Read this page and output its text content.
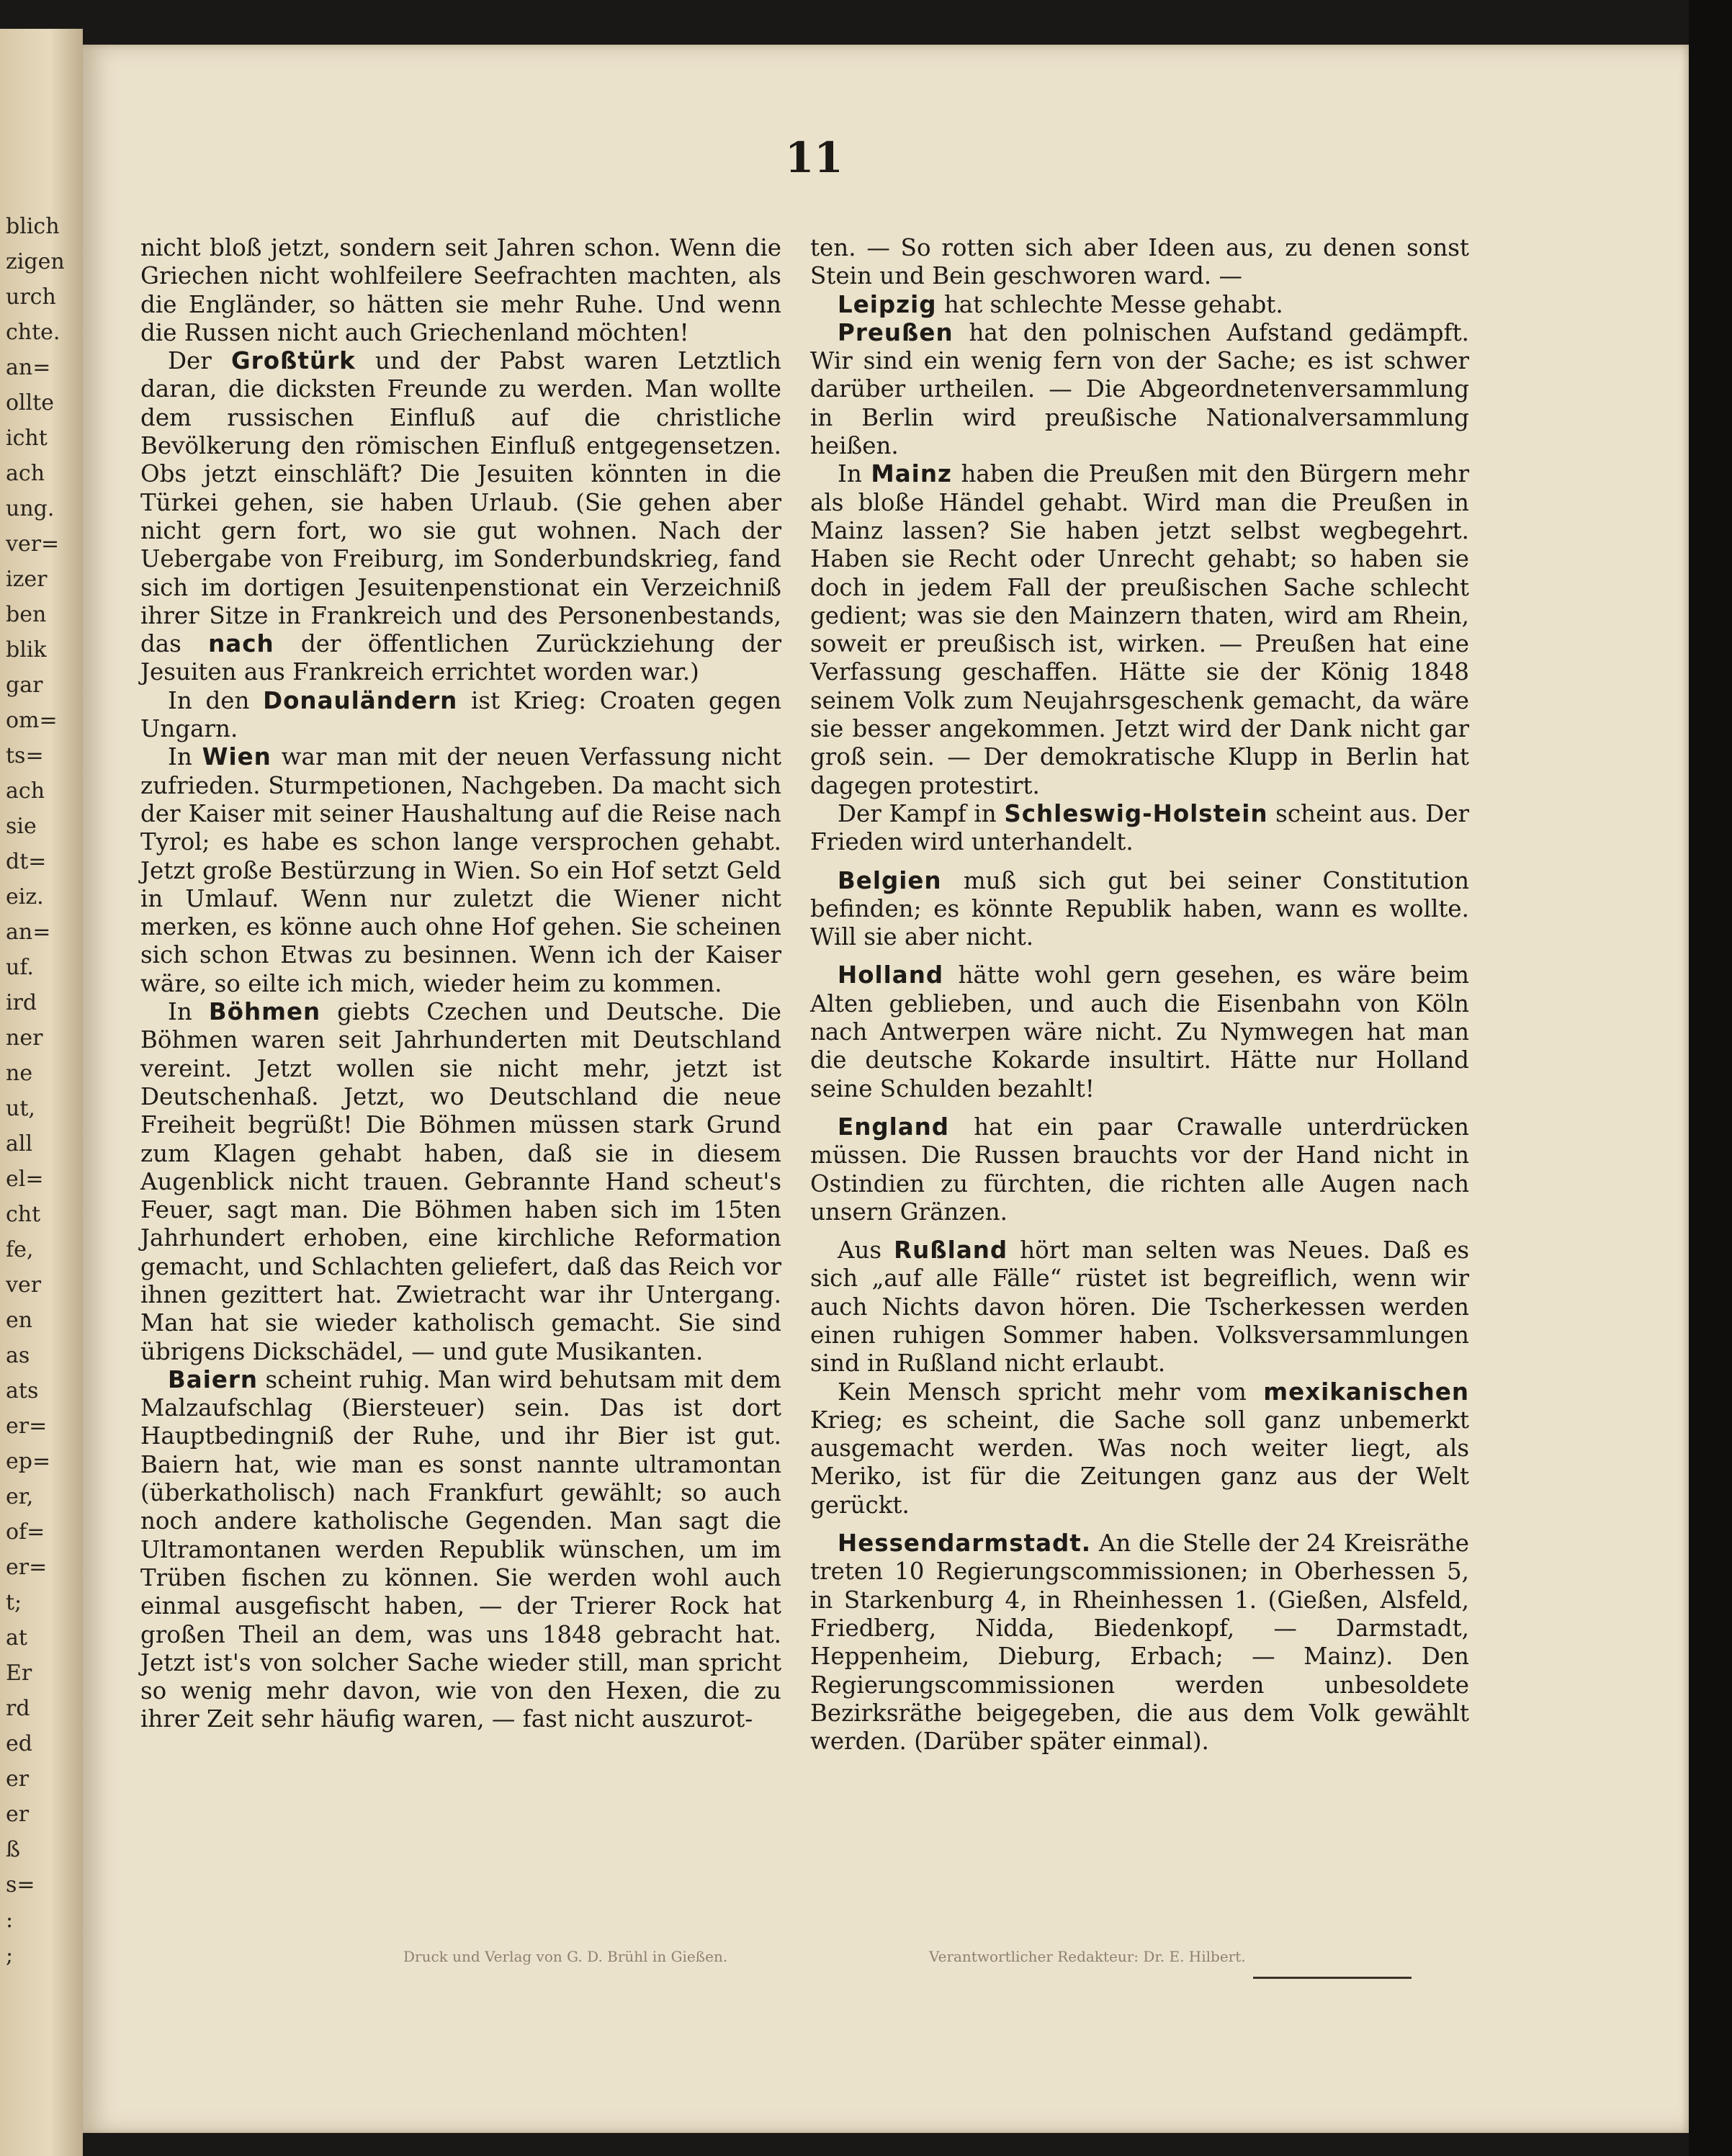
blich
zigen
urch
chte.
an=
ollte
icht
ach
ung.
ver=
izer
ben
blik
gar
om=
ts=
ach
sie
dt=
eiz.
an=
uf.
ird
ner
ne
ut,
all
el=
cht
fe,
ver
en
as
ats
er=
ep=
er,
of=
er=
t;
at
Er
rd
ed
er
er
ß
s=
:
;
11

nicht bloß jetzt, sondern seit Jahren schon. Wenn die Griechen nicht wohlfeilere Seefrachten machten, als die Engländer, so hätten sie mehr Ruhe. Und wenn die Russen nicht auch Griechenland möchten!

Der Großtürk und der Pabst waren Letztlich daran, die dicksten Freunde zu werden. Man wollte dem russischen Einfluß auf die christliche Bevölkerung den römischen Einfluß entgegensetzen. Obs jetzt einschläft? Die Jesuiten könnten in die Türkei gehen, sie haben Urlaub. (Sie gehen aber nicht gern fort, wo sie gut wohnen. Nach der Uebergabe von Freiburg, im Sonderbundskrieg, fand sich im dortigen Jesuitenpenstionat ein Verzeichniß ihrer Sitze in Frankreich und des Personenbestands, das nach der öffentlichen Zurückziehung der Jesuiten aus Frankreich errichtet worden war.)

In den Donauländern ist Krieg: Croaten gegen Ungarn.

In Wien war man mit der neuen Verfassung nicht zufrieden. Sturmpetionen, Nachgeben. Da macht sich der Kaiser mit seiner Haushaltung auf die Reise nach Tyrol; es habe es schon lange versprochen gehabt. Jetzt große Bestürzung in Wien. So ein Hof setzt Geld in Umlauf. Wenn nur zuletzt die Wiener nicht merken, es könne auch ohne Hof gehen. Sie scheinen sich schon Etwas zu besinnen. Wenn ich der Kaiser wäre, so eilte ich mich, wieder heim zu kommen.

In Böhmen giebts Czechen und Deutsche. Die Böhmen waren seit Jahrhunderten mit Deutschland vereint. Jetzt wollen sie nicht mehr, jetzt ist Deutschenhaß. Jetzt, wo Deutschland die neue Freiheit begrüßt! Die Böhmen müssen stark Grund zum Klagen gehabt haben, daß sie in diesem Augenblick nicht trauen. Gebrannte Hand scheut's Feuer, sagt man. Die Böhmen haben sich im 15ten Jahrhundert erhoben, eine kirchliche Reformation gemacht, und Schlachten geliefert, daß das Reich vor ihnen gezittert hat. Zwietracht war ihr Untergang. Man hat sie wieder katholisch gemacht. Sie sind übrigens Dickschädel, — und gute Musikanten.

Baiern scheint ruhig. Man wird behutsam mit dem Malzaufschlag (Biersteuer) sein. Das ist dort Hauptbedingniß der Ruhe, und ihr Bier ist gut. Baiern hat, wie man es sonst nannte ultramontan (überkatholisch) nach Frankfurt gewählt; so auch noch andere katholische Gegenden. Man sagt die Ultramontanen werden Republik wünschen, um im Trüben fischen zu können. Sie werden wohl auch einmal ausgefischt haben, — der Trierer Rock hat großen Theil an dem, was uns 1848 gebracht hat. Jetzt ist's von solcher Sache wieder still, man spricht so wenig mehr davon, wie von den Hexen, die zu ihrer Zeit sehr häufig waren, — fast nicht auszurot-

ten. — So rotten sich aber Ideen aus, zu denen sonst Stein und Bein geschworen ward. —

Leipzig hat schlechte Messe gehabt.

Preußen hat den polnischen Aufstand gedämpft. Wir sind ein wenig fern von der Sache; es ist schwer darüber urtheilen. — Die Abgeordnetenversammlung in Berlin wird preußische Nationalversammlung heißen.

In Mainz haben die Preußen mit den Bürgern mehr als bloße Händel gehabt. Wird man die Preußen in Mainz lassen? Sie haben jetzt selbst wegbegehrt. Haben sie Recht oder Unrecht gehabt; so haben sie doch in jedem Fall der preußischen Sache schlecht gedient; was sie den Mainzern thaten, wird am Rhein, soweit er preußisch ist, wirken. — Preußen hat eine Verfassung geschaffen. Hätte sie der König 1848 seinem Volk zum Neujahrsgeschenk gemacht, da wäre sie besser angekommen. Jetzt wird der Dank nicht gar groß sein. — Der demokratische Klupp in Berlin hat dagegen protestirt.

Der Kampf in Schleswig-Holstein scheint aus. Der Frieden wird unterhandelt.

Belgien muß sich gut bei seiner Constitution befinden; es könnte Republik haben, wann es wollte. Will sie aber nicht.

Holland hätte wohl gern gesehen, es wäre beim Alten geblieben, und auch die Eisenbahn von Köln nach Antwerpen wäre nicht. Zu Nymwegen hat man die deutsche Kokarde insultirt. Hätte nur Holland seine Schulden bezahlt!

England hat ein paar Crawalle unterdrücken müssen. Die Russen brauchts vor der Hand nicht in Ostindien zu fürchten, die richten alle Augen nach unsern Gränzen.

Aus Rußland hört man selten was Neues. Daß es sich „auf alle Fälle“ rüstet ist begreiflich, wenn wir auch Nichts davon hören. Die Tscherkessen werden einen ruhigen Sommer haben. Volksversammlungen sind in Rußland nicht erlaubt.

Kein Mensch spricht mehr vom mexikanischen Krieg; es scheint, die Sache soll ganz unbemerkt ausgemacht werden. Was noch weiter liegt, als Meriko, ist für die Zeitungen ganz aus der Welt gerückt.

Hessendarmstadt. An die Stelle der 24 Kreisräthe treten 10 Regierungscommissionen; in Oberhessen 5, in Starkenburg 4, in Rheinhessen 1. (Gießen, Alsfeld, Friedberg, Nidda, Biedenkopf, — Darmstadt, Heppenheim, Dieburg, Erbach; — Mainz). Den Regierungscommissionen werden unbesoldete Bezirksräthe beigegeben, die aus dem Volk gewählt werden. (Darüber später einmal).

Druck und Verlag von G. D. Brühl in Gießen.	Verantwortlicher Redakteur: Dr. E. Hilbert.
